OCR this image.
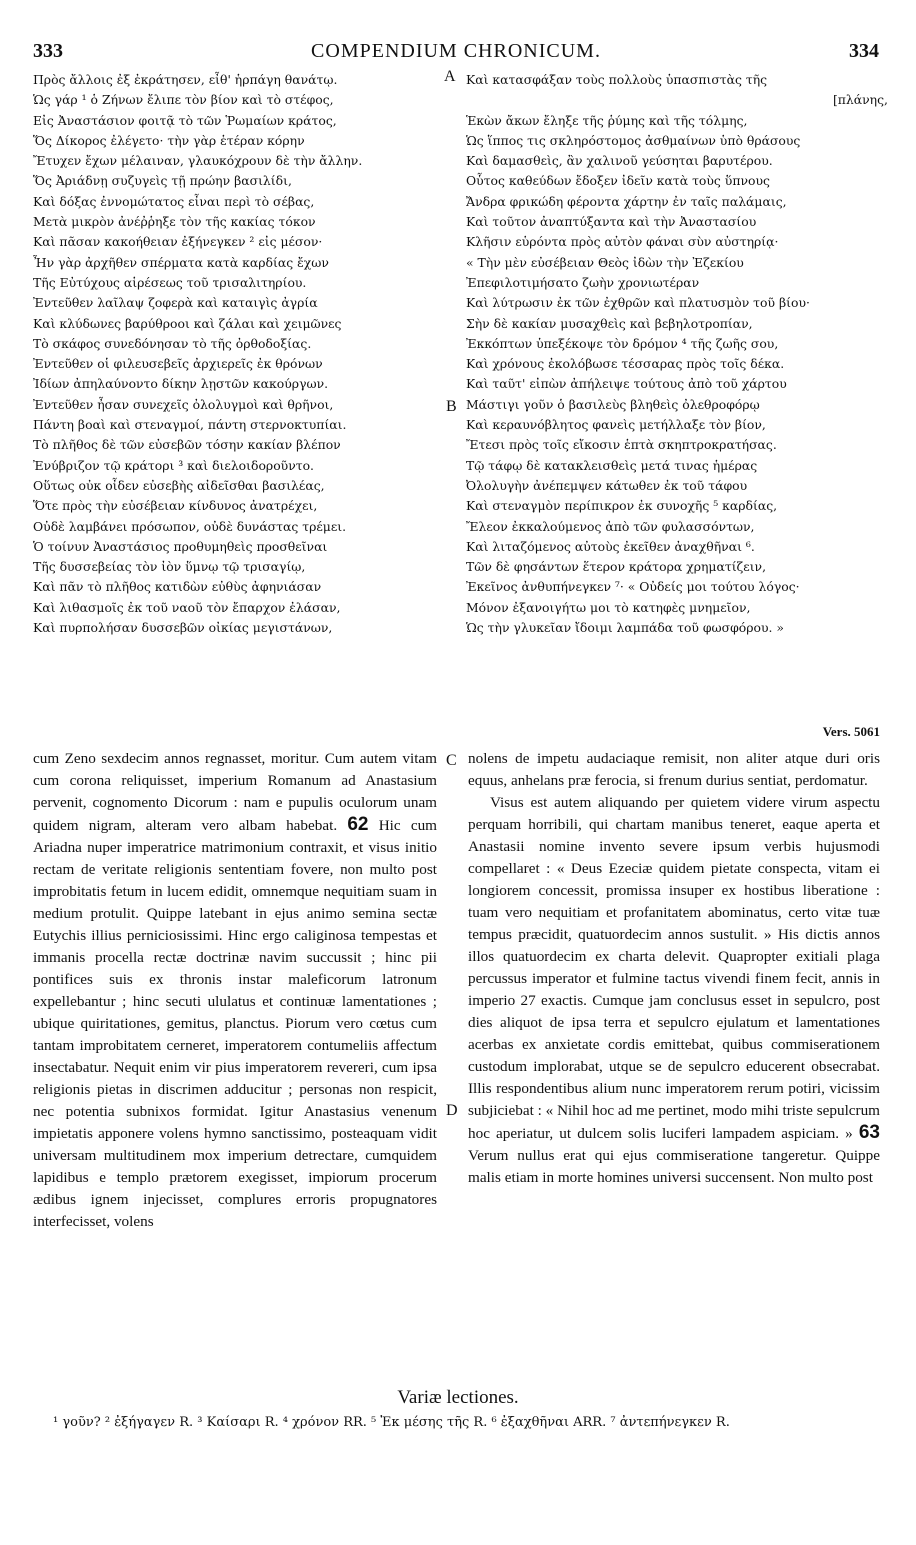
333	COMPENDIUM CHRONICUM.	334
Πρὸς ἄλλοις ἐξ ἐκράτησεν, εἶθ' ἡρπάγη θανάτῳ.
Ὡς γάρ ¹ ὁ Ζήνων ἔλιπε τὸν βίον καὶ τὸ στέφος,
Εἰς Ἀναστάσιον φοιτᾷ τὸ τῶν Ῥωμαίων κράτος,
Ὅς Δίκορος ἐλέγετο· τὴν γὰρ ἑτέραν κόρην
Ἔτυχεν ἔχων μέλαιναν, γλαυκόχρουν δὲ τὴν ἄλλην.
Ὅς Ἀριάδνῃ συζυγεὶς τῇ πρώην βασιλίδι,
Καὶ δόξας ἐννομώτατος εἶναι περὶ τὸ σέβας,
Μετὰ μικρὸν ἀνέῤῥηξε τὸν τῆς κακίας τόκον
Καὶ πᾶσαν κακοήθειαν ἐξήνεγκεν ² εἰς μέσον·
Ἦν γὰρ ἀρχῆθεν σπέρματα κατὰ καρδίας ἔχων
Τῆς Εὐτύχους αἱρέσεως τοῦ τρισαλιτηρίου.
Ἐντεῦθεν λαῖλαψ ζοφερὰ καὶ καταιγὶς ἀγρία
Καὶ κλύδωνες βαρύθροοι καὶ ζάλαι καὶ χειμῶνες
Τὸ σκάφος συνεδόνησαν τὸ τῆς ὀρθοδοξίας.
Ἐντεῦθεν οἱ φιλευσεβεῖς ἀρχιερεῖς ἐκ θρόνων
Ἰδίων ἀπηλαύνοντο δίκην λῃστῶν κακούργων.
Ἐντεῦθεν ἦσαν συνεχεῖς ὀλολυγμοὶ καὶ θρῆνοι,
Πάντη βοαὶ καὶ στεναγμοί, πάντη στερνοκτυπίαι.
Τὸ πλῆθος δὲ τῶν εὐσεβῶν τόσην κακίαν βλέπον
Ἐνύβριζον τῷ κράτορι ³ καὶ διελοιδοροῦντο.
Οὕτως οὐκ οἶδεν εὐσεβὴς αἰδεῖσθαι βασιλέας,
Ὅτε πρὸς τὴν εὐσέβειαν κίνδυνος ἀνατρέχει,
Οὐδὲ λαμβάνει πρόσωπον, οὐδὲ δυνάστας τρέμει.
Ὁ τοίνυν Ἀναστάσιος προθυμηθεὶς προσθεῖναι
Τῆς δυσσεβείας τὸν ἰὸν ὕμνῳ τῷ τρισαγίῳ,
Καὶ πᾶν τὸ πλῆθος κατιδὼν εὐθὺς ἀφηνιάσαν
Καὶ λιθασμοῖς ἐκ τοῦ ναοῦ τὸν ἔπαρχον ἐλάσαν,
Καὶ πυρπολήσαν δυσσεβῶν οἰκίας μεγιστάνων,
Καὶ κατασφάξαν τοὺς πολλοὺς ὑπασπιστὰς τῆς
[πλάνης,
Ἑκὼν ἄκων ἔληξε τῆς ῥύμης καὶ τῆς τόλμης,
Ὡς ἵππος τις σκληρόστομος ἀσθμαίνων ὑπὸ θράσους
Καὶ δαμασθεὶς, ἂν χαλινοῦ γεύσηται βαρυτέρου.
Οὗτος καθεύδων ἔδοξεν ἰδεῖν κατὰ τοὺς ὕπνους
Ἄνδρα φρικώδη φέροντα χάρτην ἐν ταῖς παλάμαις,
Καὶ τοῦτον ἀναπτύξαντα καὶ τὴν Ἀναστασίου
Κλῆσιν εὑρόντα πρὸς αὐτὸν φάναι σὺν αὐστηρίᾳ·
« Τὴν μὲν εὐσέβειαν Θεὸς ἰδὼν τὴν Ἐζεκίου
Ἐπεφιλοτιμήσατο ζωὴν χρονιωτέραν
Καὶ λύτρωσιν ἐκ τῶν ἐχθρῶν καὶ πλατυσμὸν τοῦ βίου·
Σὴν δὲ κακίαν μυσαχθεὶς καὶ βεβηλοτροπίαν,
Ἐκκόπτων ὑπεξέκοψε τὸν δρόμον ⁴ τῆς ζωῆς σου,
Καὶ χρόνους ἐκολόβωσε τέσσαρας πρὸς τοῖς δέκα.
Καὶ ταῦτ' εἰπὼν ἀπήλειψε τούτους ἀπὸ τοῦ χάρτου
Μάστιγι γοῦν ὁ βασιλεὺς βληθεὶς ὀλεθροφόρῳ
Καὶ κεραυνόβλητος φανεὶς μετήλλαξε τὸν βίον,
Ἔτεσι πρὸς τοῖς εἴκοσιν ἑπτὰ σκηπτροκρατήσας.
Τῷ τάφῳ δὲ κατακλεισθεὶς μετά τινας ἡμέρας
Ὀλολυγὴν ἀνέπεμψεν κάτωθεν ἐκ τοῦ τάφου
Καὶ στεναγμὸν περίπικρον ἐκ συνοχῆς ⁵ καρδίας,
Ἔλεον ἐκκαλούμενος ἀπὸ τῶν φυλασσόντων,
Καὶ λιταζόμενος αὐτοὺς ἐκεῖθεν ἀναχθῆναι ⁶.
Τῶν δὲ φησάντων ἕτερον κράτορα χρηματίζειν,
Ἐκεῖνος ἀνθυπήνεγκεν ⁷· « Οὐδείς μοι τούτου λόγος·
Μόνον ἐξανοιγήτω μοι τὸ κατηφὲς μνημεῖον,
Ὡς τὴν γλυκεῖαν ἴδοιμι λαμπάδα τοῦ φωσφόρου. »
A
B
C
D
Vers. 5061

cum Zeno sexdecim annos regnasset, moritur. Cum autem vitam cum corona reliquisset, imperium Romanum ad Anastasium pervenit, cognomento Dicorum : nam e pupulis oculorum unam quidem nigram, alteram vero albam habebat. 62 Hic cum Ariadna nuper imperatrice matrimonium contraxit, et visus initio rectam de veritate religionis sententiam fovere, non multo post improbitatis fetum in lucem edidit, omnemque nequitiam suam in medium protulit. Quippe latebant in ejus animo semina sectæ Eutychis illius perniciosissimi. Hinc ergo caliginosa tempestas et immanis procella rectæ doctrinæ navim succussit ; hinc pii pontifices suis ex thronis instar maleficorum latronum expellebantur ; hinc secuti ululatus et continuæ lamentationes ; ubique quiritationes, gemitus, planctus. Piorum vero cœtus cum tantam improbitatem cerneret, imperatorem contumeliis affectum insectabatur. Nequit enim vir pius imperatorem revereri, cum ipsa religionis pietas in discrimen adducitur ; personas non respicit, nec potentia subnixos formidat. Igitur Anastasius venenum impietatis apponere volens hymno sanctissimo, posteaquam vidit universam multitudinem mox imperium detrectare, cumquidem lapidibus e templo prætorem exegisset, impiorum procerum ædibus ignem injecisset, complures erroris propugnatores interfecisset, volens

nolens de impetu audaciaque remisit, non aliter atque duri oris equus, anhelans præ ferocia, si frenum durius sentiat, perdomatur.

Visus est autem aliquando per quietem videre virum aspectu perquam horribili, qui chartam manibus teneret, eaque aperta et Anastasii nomine invento severe ipsum verbis hujusmodi compellaret : « Deus Ezeciæ quidem pietate conspecta, vitam ei longiorem concessit, promissa insuper ex hostibus liberatione : tuam vero nequitiam et profanitatem abominatus, certo vitæ tuæ tempus præcidit, quatuordecim annos sustulit. » His dictis annos illos quatuordecim ex charta delevit. Quapropter exitiali plaga percussus imperator et fulmine tactus vivendi finem fecit, annis in imperio 27 exactis. Cumque jam conclusus esset in sepulcro, post dies aliquot de ipsa terra et sepulcro ejulatum et lamentationes acerbas ex anxietate cordis emittebat, quibus commiserationem custodum implorabat, utque se de sepulcro educerent obsecrabat. Illis respondentibus alium nunc imperatorem rerum potiri, vicissim subjiciebat : « Nihil hoc ad me pertinet, modo mihi triste sepulcrum hoc aperiatur, ut dulcem solis luciferi lampadem aspiciam. » 63 Verum nullus erat qui ejus commiseratione tangeretur. Quippe malis etiam in morte homines universi succensent. Non multo post

Variæ lectiones.
¹ γοῦν? ² ἐξήγαγεν R. ³ Καίσαρι R. ⁴ χρόνον RR. ⁵ Ἐκ μέσης τῆς R. ⁶ ἐξαχθῆναι ARR. ⁷ ἀντεπήνεγκεν R.
